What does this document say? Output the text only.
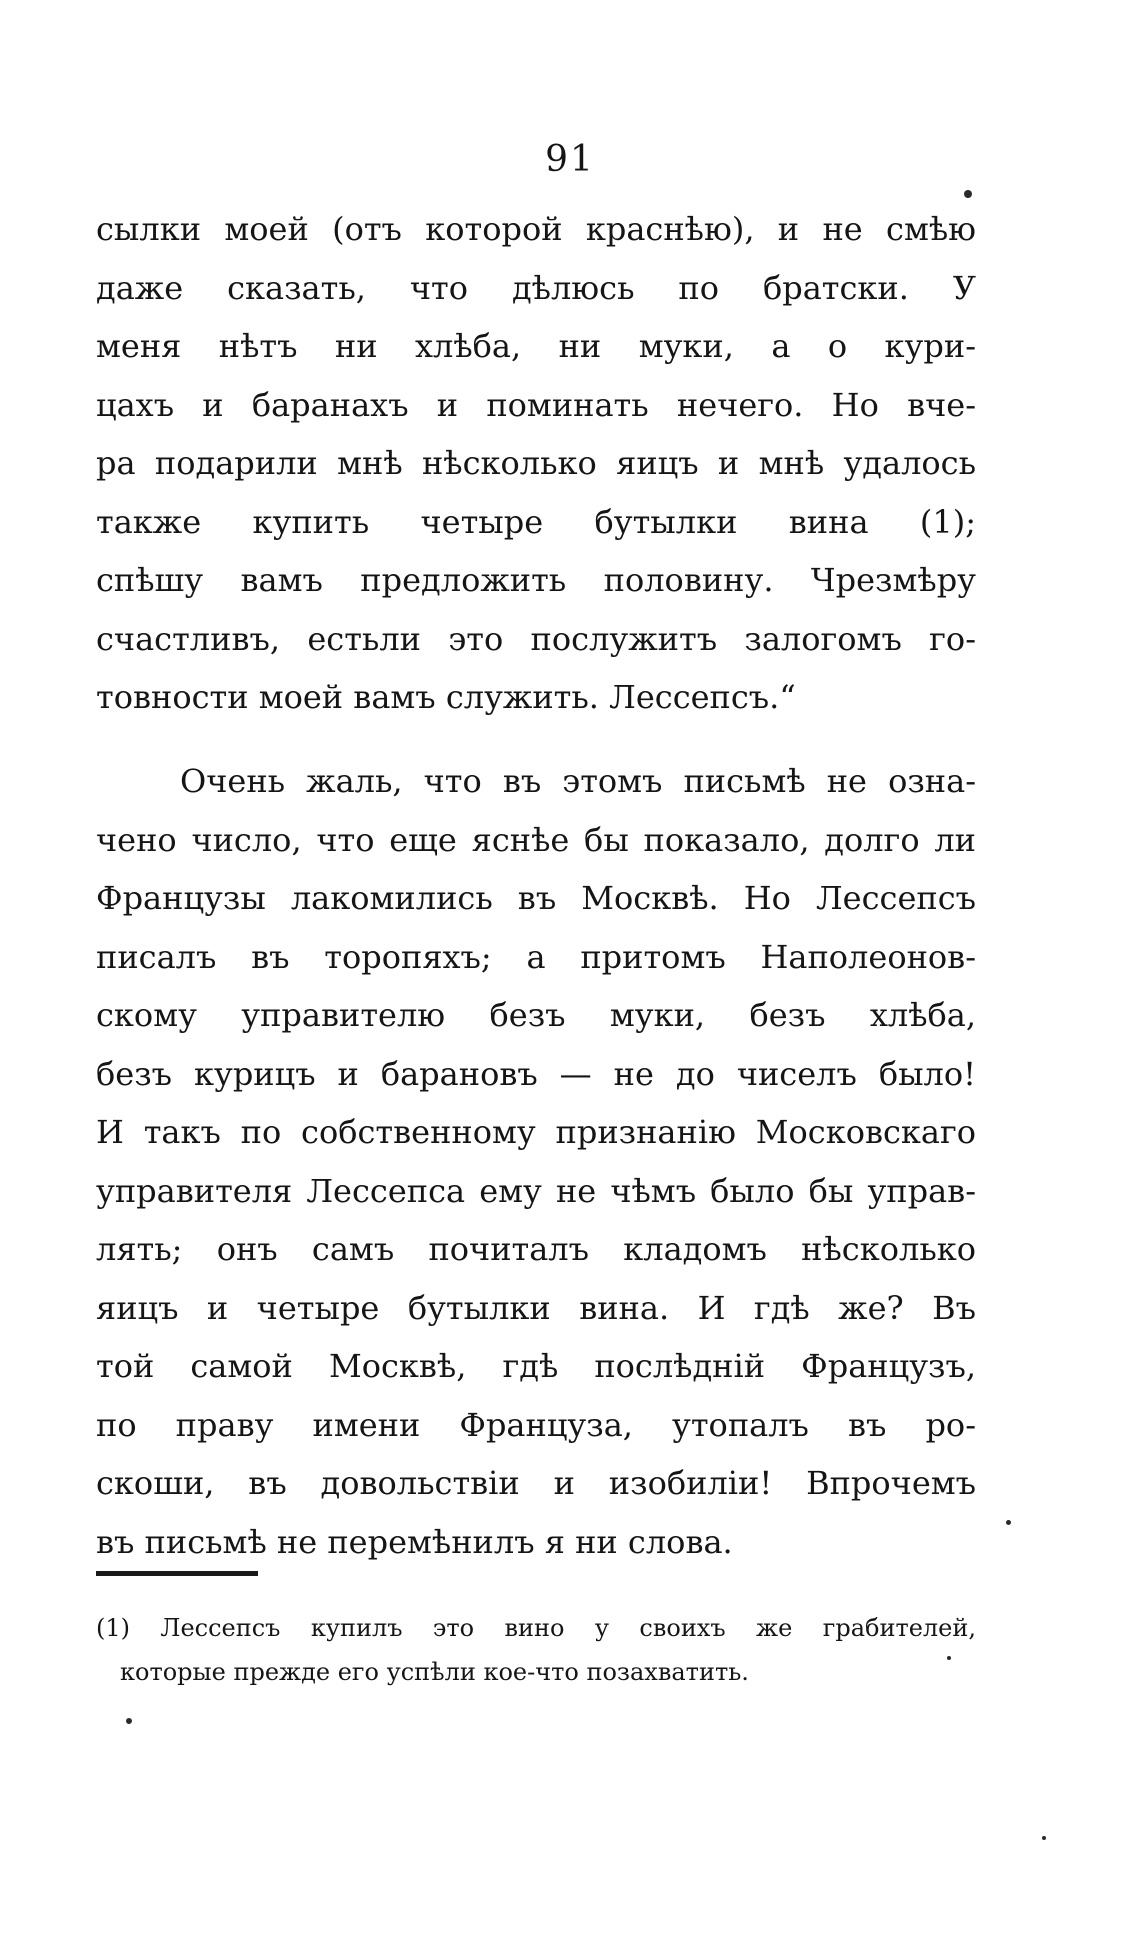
91
сылки моей (отъ которой краснѣю), и не смѣю
даже сказать, что дѣлюсь по братски. У
меня нѣтъ ни хлѣба, ни муки, а о кури-
цахъ и баранахъ и поминать нечего. Но вче-
ра подарили мнѣ нѣсколько яицъ и мнѣ удалось
также купить четыре бутылки вина (1);
спѣшу вамъ предложить половину. Чрезмѣру
счастливъ, естьли это послужитъ залогомъ го-
товности моей вамъ служить. Лессепсъ.“
Очень жаль, что въ этомъ письмѣ не озна-
чено число, что еще яснѣе бы показало, долго ли
Французы лакомились въ Москвѣ. Но Лессепсъ
писалъ въ торопяхъ; а притомъ Наполеонов-
скому управителю безъ муки, безъ хлѣба,
безъ курицъ и барановъ — не до чиселъ было!
И такъ по собственному признанію Московскаго
управителя Лессепса ему не чѣмъ было бы управ-
лять; онъ самъ почиталъ кладомъ нѣсколько
яицъ и четыре бутылки вина. И гдѣ же? Въ
той самой Москвѣ, гдѣ послѣдній Французъ,
по праву имени Француза, утопалъ въ ро-
скоши, въ довольствіи и изобиліи! Впрочемъ
въ письмѣ не перемѣнилъ я ни слова.
(1) Лессепсъ купилъ это вино у своихъ же грабителей,
которые прежде его успѣли кое-что позахватить.
